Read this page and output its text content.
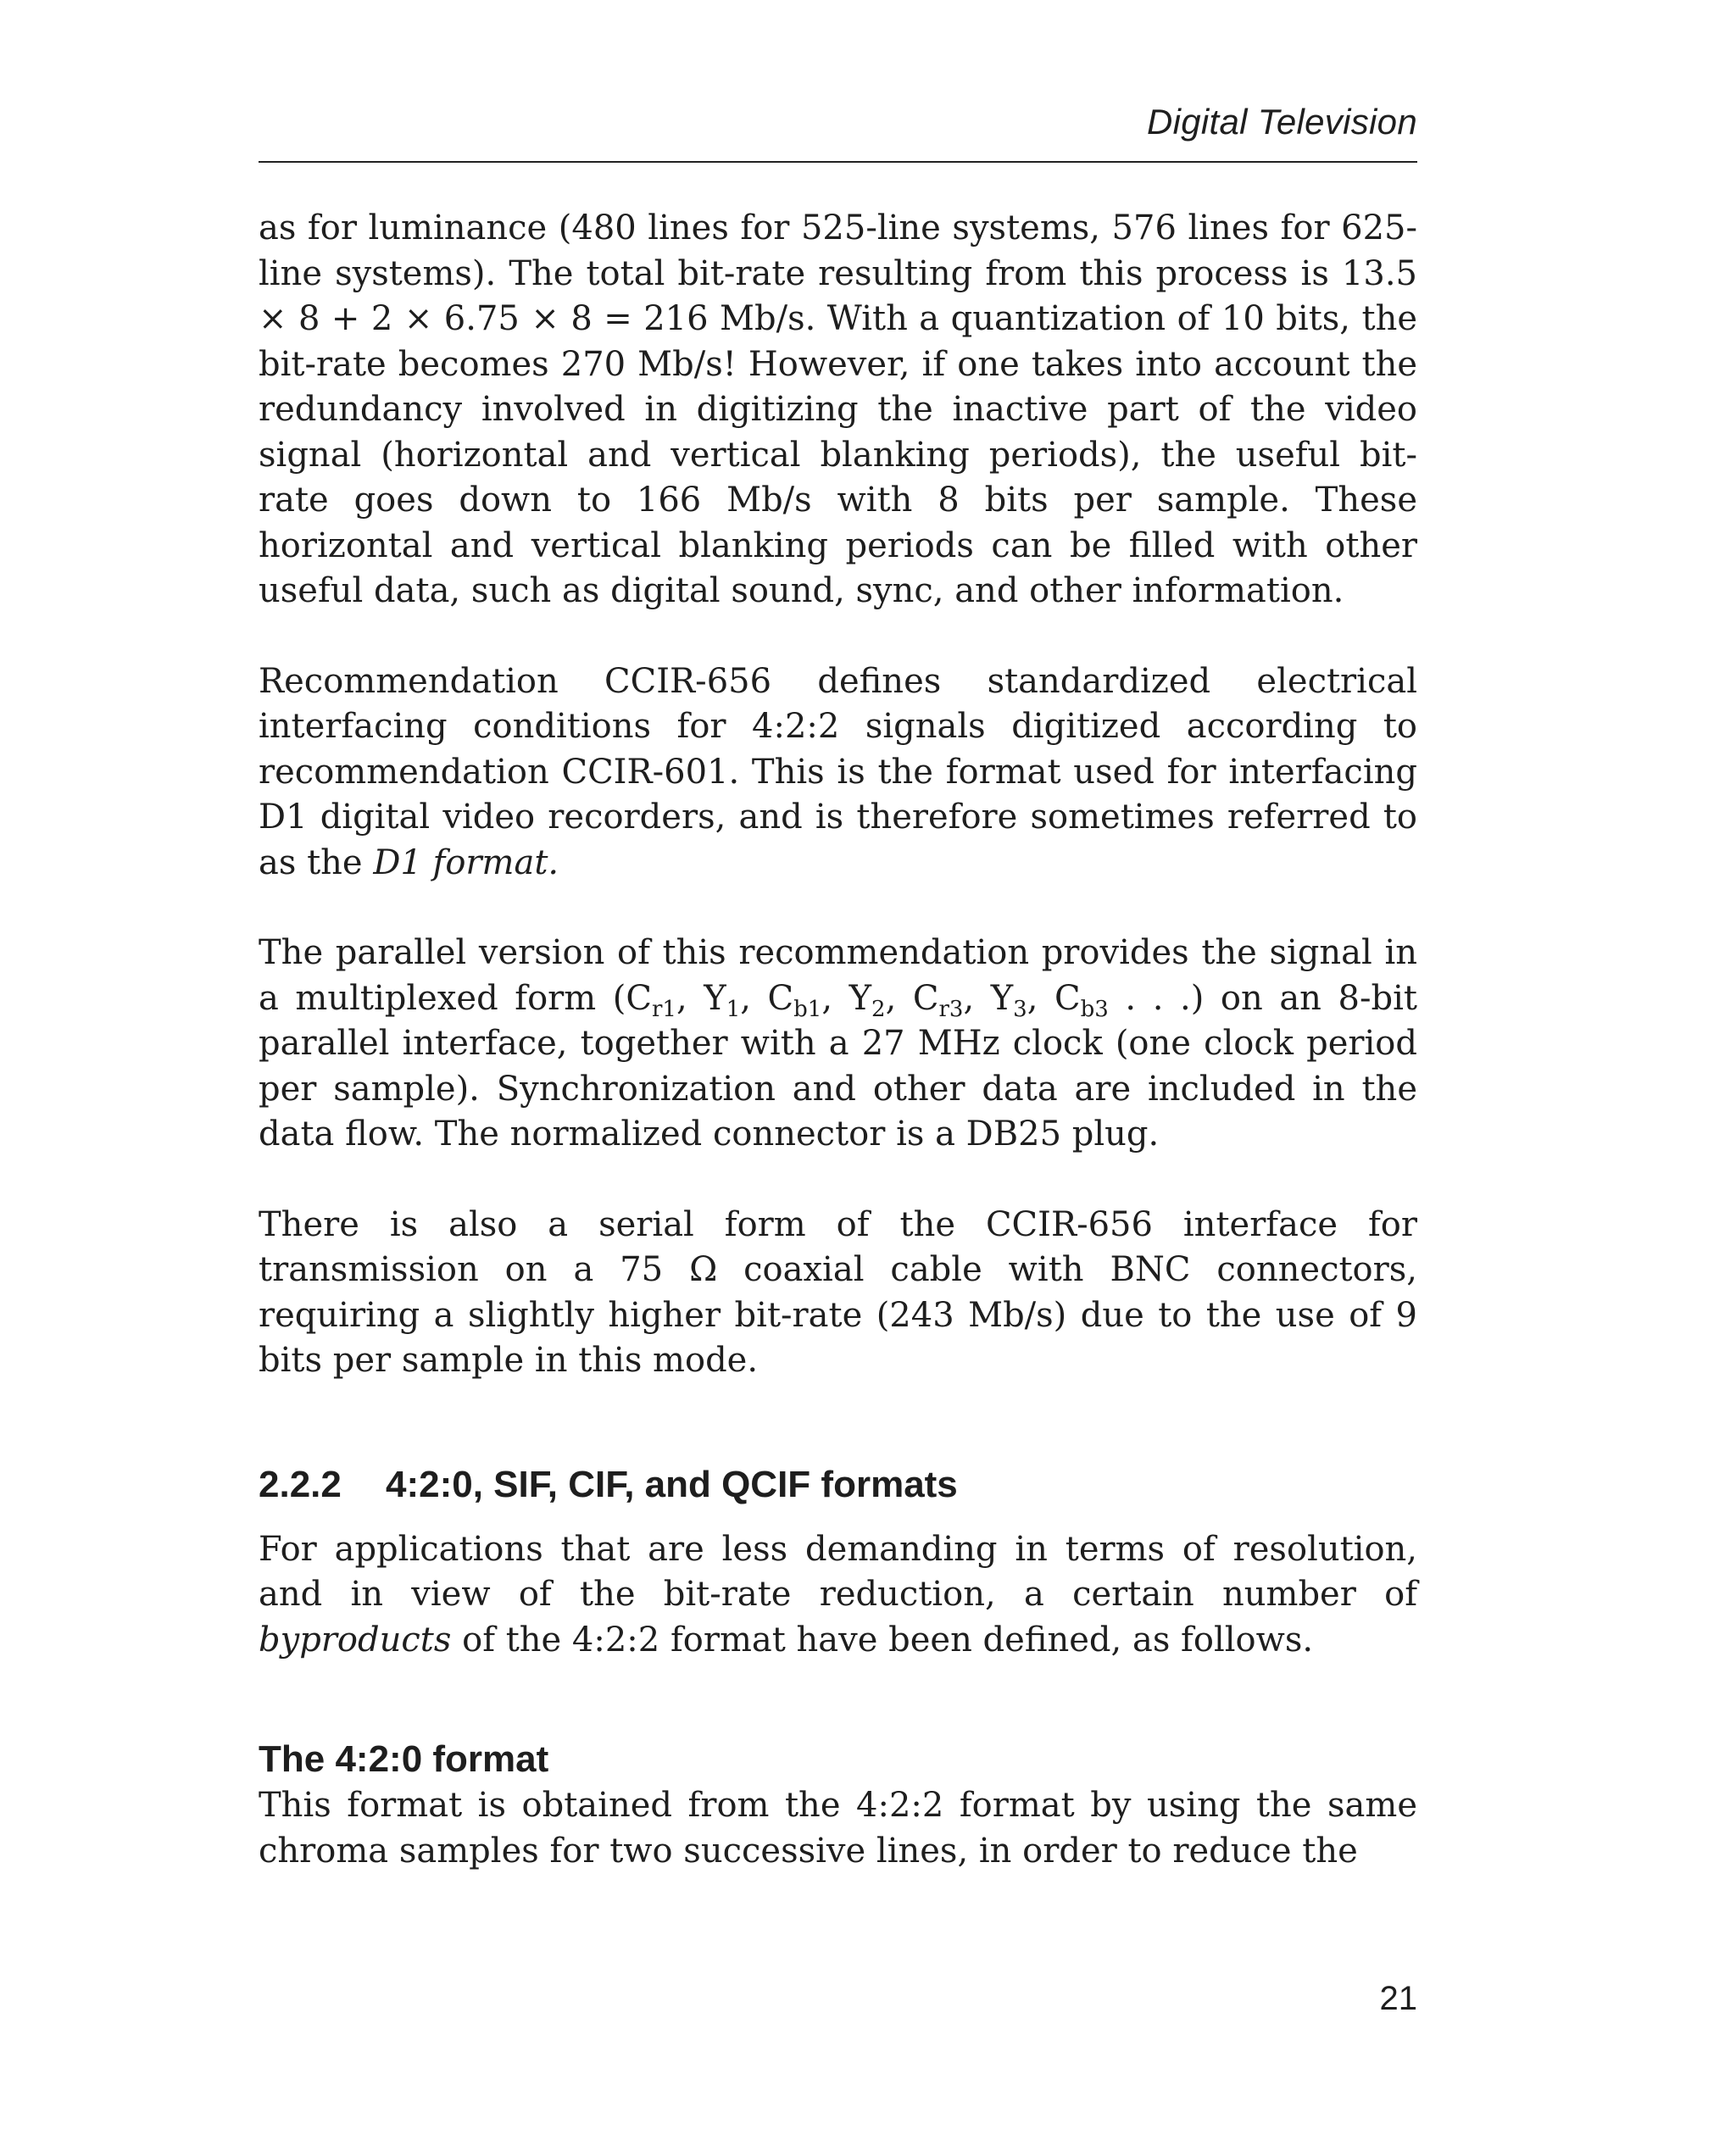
Digital Television

as for luminance (480 lines for 525-line systems, 576 lines for 625-line systems). The total bit-rate resulting from this process is 13.5 × 8 + 2 × 6.75 × 8 = 216 Mb/s. With a quantization of 10 bits, the bit-rate becomes 270 Mb/s! However, if one takes into account the redundancy involved in digitizing the inactive part of the video signal (horizontal and vertical blanking periods), the useful bit-rate goes down to 166 Mb/s with 8 bits per sample. These horizontal and vertical blanking periods can be filled with other useful data, such as digital sound, sync, and other information.

Recommendation CCIR-656 defines standardized electrical interfacing conditions for 4:2:2 signals digitized according to recommendation CCIR-601. This is the format used for interfacing D1 digital video recorders, and is therefore sometimes referred to as the D1 format.

The parallel version of this recommendation provides the signal in a multiplexed form ($C_{r1}$, $Y_1$, $C_{b1}$, $Y_2$, $C_{r3}$, $Y_3$, $C_{b3}$ . . .) on an 8-bit parallel interface, together with a 27 MHz clock (one clock period per sample). Synchronization and other data are included in the data flow. The normalized connector is a DB25 plug.

There is also a serial form of the CCIR-656 interface for transmission on a 75 Ω coaxial cable with BNC connectors, requiring a slightly higher bit-rate (243 Mb/s) due to the use of 9 bits per sample in this mode.

2.2.2 4:2:0, SIF, CIF, and QCIF formats

For applications that are less demanding in terms of resolution, and in view of the bit-rate reduction, a certain number of byproducts of the 4:2:2 format have been defined, as follows.

The 4:2:0 format

This format is obtained from the 4:2:2 format by using the same chroma samples for two successive lines, in order to reduce the

21
